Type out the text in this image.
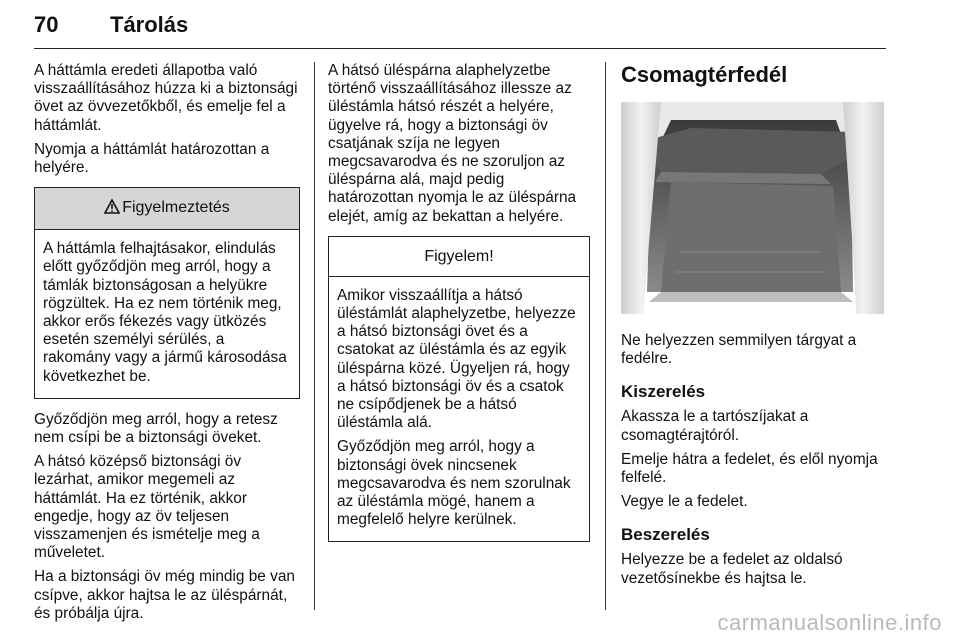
70 Tárolás

A háttámla eredeti állapotba való visszaállításához húzza ki a biztonsági övet az övvezetőkből, és emelje fel a háttámlát.

Nyomja a háttámlát határozottan a helyére.

Figyelmeztetés

A háttámla felhajtásakor, elindulás előtt győződjön meg arról, hogy a támlák biztonságosan a helyükre rögzültek. Ha ez nem történik meg, akkor erős fékezés vagy ütközés esetén személyi sérülés, a rakomány vagy a jármű károsodása következhet be.

Győződjön meg arról, hogy a retesz nem csípi be a biztonsági öveket.

A hátsó középső biztonsági öv lezárhat, amikor megemeli az háttámlát. Ha ez történik, akkor engedje, hogy az öv teljesen visszamenjen és ismételje meg a műveletet.

Ha a biztonsági öv még mindig be van csípve, akkor hajtsa le az üléspárnát, és próbálja újra.

A hátsó üléspárna alaphelyzetbe történő visszaállításához illessze az üléstámla hátsó részét a helyére, ügyelve rá, hogy a biztonsági öv csatjának szíja ne legyen megcsavarodva és ne szoruljon az üléspárna alá, majd pedig határozottan nyomja le az üléspárna elejét, amíg az bekattan a helyére.

Figyelem!

Amikor visszaállítja a hátsó üléstámlát alaphelyzetbe, helyezze a hátsó biztonsági övet és a csatokat az üléstámla és az egyik üléspárna közé. Ügyeljen rá, hogy a hátsó biztonsági öv és a csatok ne csípődjenek be a hátsó üléstámla alá.

Győződjön meg arról, hogy a biztonsági övek nincsenek megcsavarodva és nem szorulnak az üléstámla mögé, hanem a megfelelő helyre kerülnek.

Csomagtérfedél

Ne helyezzen semmilyen tárgyat a fedélre.

Kiszerelés

Akassza le a tartószíjakat a csomagtérajtóról.

Emelje hátra a fedelet, és elől nyomja felfelé.

Vegye le a fedelet.

Beszerelés

Helyezze be a fedelet az oldalsó vezetősínekbe és hajtsa le.

carmanualsonline.info
